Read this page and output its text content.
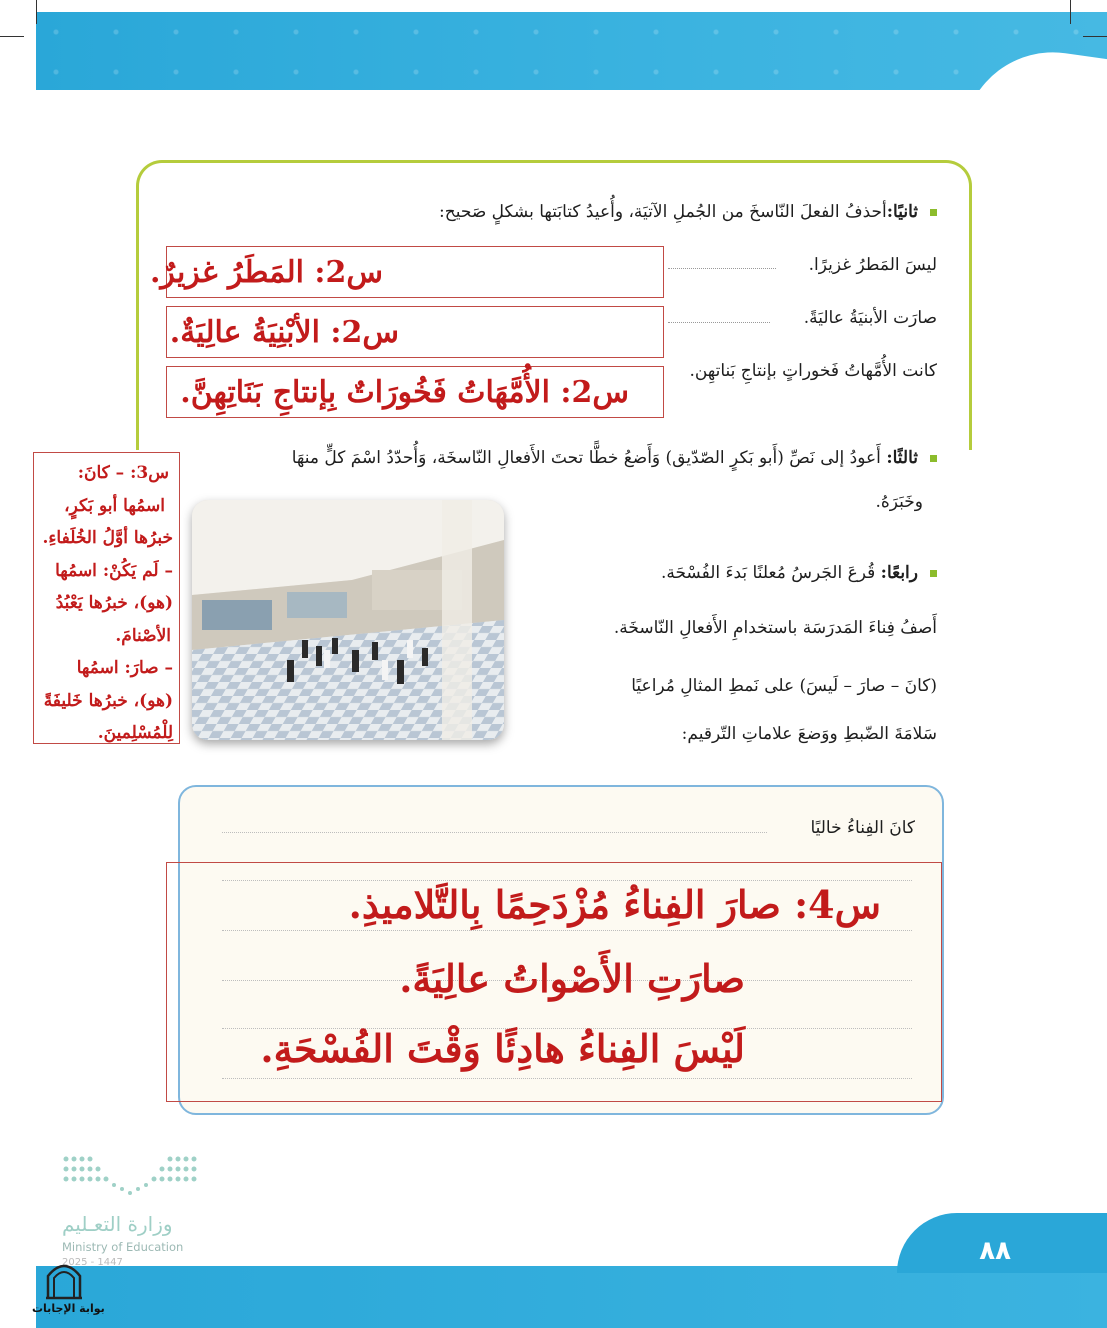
ثانيًا:أحذفُ الفعلَ النّاسخَ من الجُملِ الآتيَة، وأُعيدُ كتابَتها بشكلٍ صَحيح:
ليسَ المَطرُ غزيرًا.
س2: المَطَرُ غزيرٌ.
صارَت الأبنيَةُ عاليَةً.
س2: الأبْنِيَةُ عالِيَةٌ.
كانت الأُمَّهاتُ فَخوراتٍ بإنتاجِ بَناتهِن.
س2: الأُمَّهَاتُ فَخُورَاتٌ بِإنتاجِ بَنَاتِهِنَّ.
ثالثًا: أَعودُ إلى نَصِّ (أَبو بَكرٍ الصّدّيق) وَأَضعُ خطًّا تحتَ الأَفعالِ النّاسخَة، وَأُحدّدُ اسْمَ كلٍّ منهَا
وخَبَرَهُ.
س3: – كانَ:
اسمُها أبو بَكرٍ،
خبرُها أوَّلُ الخُلَفاءِ.
– لَم يَكُنْ: اسمُها
(هو)، خبرُها يَعْبُدُ
الأصْنامَ.
– صارَ: اسمُها
(هو)، خبرُها خَليفَةً
لِلْمُسْلِمينَ.
رابعًا: قُرعَ الجَرسُ مُعلنًا بَدءَ الفُسْحَة.
أَصفُ فِناءَ المَدرَسَة باستخدامِ الأَفعالِ النّاسخَة.
(كانَ – صارَ – لَيسَ) على نَمطِ المثالِ مُراعيًا
سَلامَةَ الضّبطِ ووَضعَ علاماتِ التّرقيم:
كانَ الفِناءُ خاليًا
س4: صارَ الفِناءُ مُزْدَحِمًا بِالتَّلاميذِ.
صارَتِ الأَصْواتُ عالِيَةً.
لَيْسَ الفِناءُ هادِئًا وَقْتَ الفُسْحَةِ.
٨٨
وزارة التعـليم
Ministry of Education
2025 - 1447
بوابة الإجابات
